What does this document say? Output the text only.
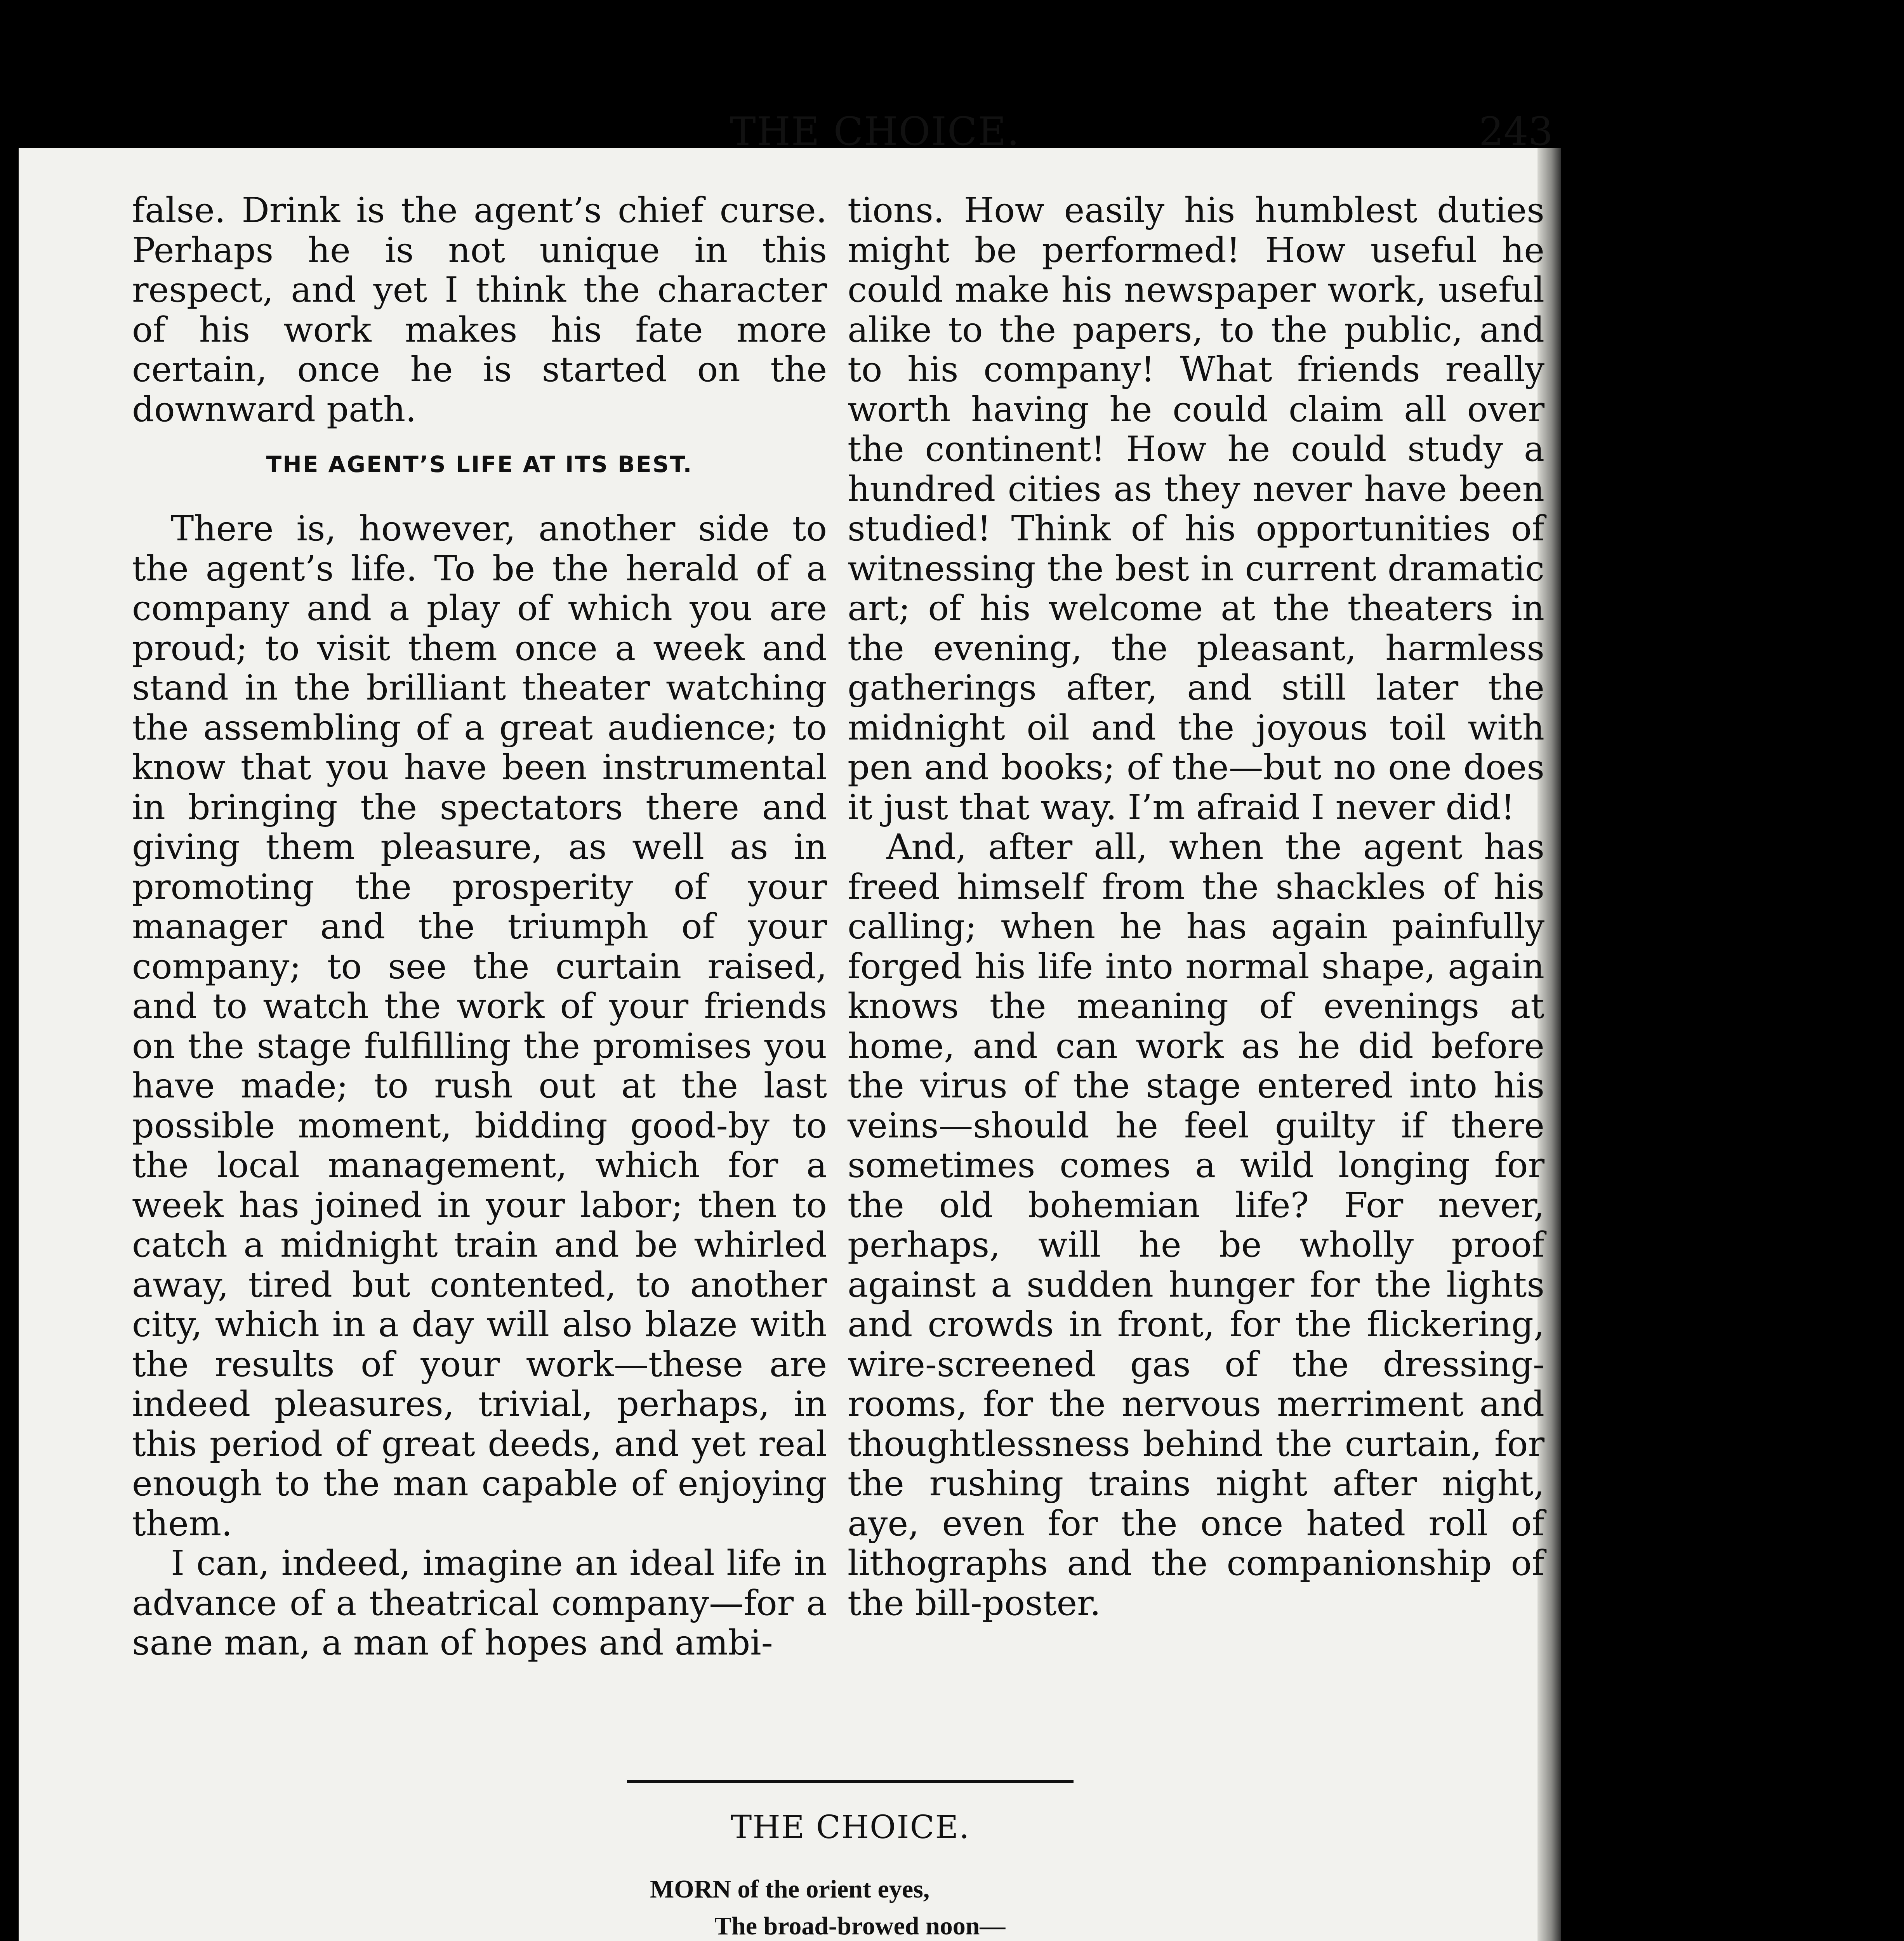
THE CHOICE.	243

false. Drink is the agent’s chief curse. Perhaps he is not unique in this respect, and yet I think the character of his work makes his fate more certain, once he is started on the downward path.

THE AGENT’S LIFE AT ITS BEST.

There is, however, another side to the agent’s life. To be the herald of a company and a play of which you are proud; to visit them once a week and stand in the brilliant theater watching the assembling of a great audience; to know that you have been instrumental in bringing the spectators there and giving them pleasure, as well as in promoting the prosperity of your manager and the triumph of your company; to see the curtain raised, and to watch the work of your friends on the stage fulfilling the promises you have made; to rush out at the last possible moment, bidding good-by to the local management, which for a week has joined in your labor; then to catch a midnight train and be whirled away, tired but contented, to another city, which in a day will also blaze with the results of your work—these are indeed pleasures, trivial, perhaps, in this period of great deeds, and yet real enough to the man capable of enjoying them.

I can, indeed, imagine an ideal life in advance of a theatrical company—for a sane man, a man of hopes and ambi-

tions. How easily his humblest duties might be performed! How useful he could make his newspaper work, useful alike to the papers, to the public, and to his company! What friends really worth having he could claim all over the continent! How he could study a hundred cities as they never have been studied! Think of his opportunities of witnessing the best in current dramatic art; of his welcome at the theaters in the evening, the pleasant, harmless gatherings after, and still later the midnight oil and the joyous toil with pen and books; of the—but no one does it just that way. I’m afraid I never did!

And, after all, when the agent has freed himself from the shackles of his calling; when he has again painfully forged his life into normal shape, again knows the meaning of evenings at home, and can work as he did before the virus of the stage entered into his veins—should he feel guilty if there sometimes comes a wild longing for the old bohemian life? For never, perhaps, will he be wholly proof against a sudden hunger for the lights and crowds in front, for the flickering, wire-screened gas of the dressing-rooms, for the nervous merriment and thoughtlessness behind the curtain, for the rushing trains night after night, aye, even for the once hated roll of lithographs and the companionship of the bill-poster.

THE CHOICE.
MORN of the orient eyes,
The broad-browed noon—
